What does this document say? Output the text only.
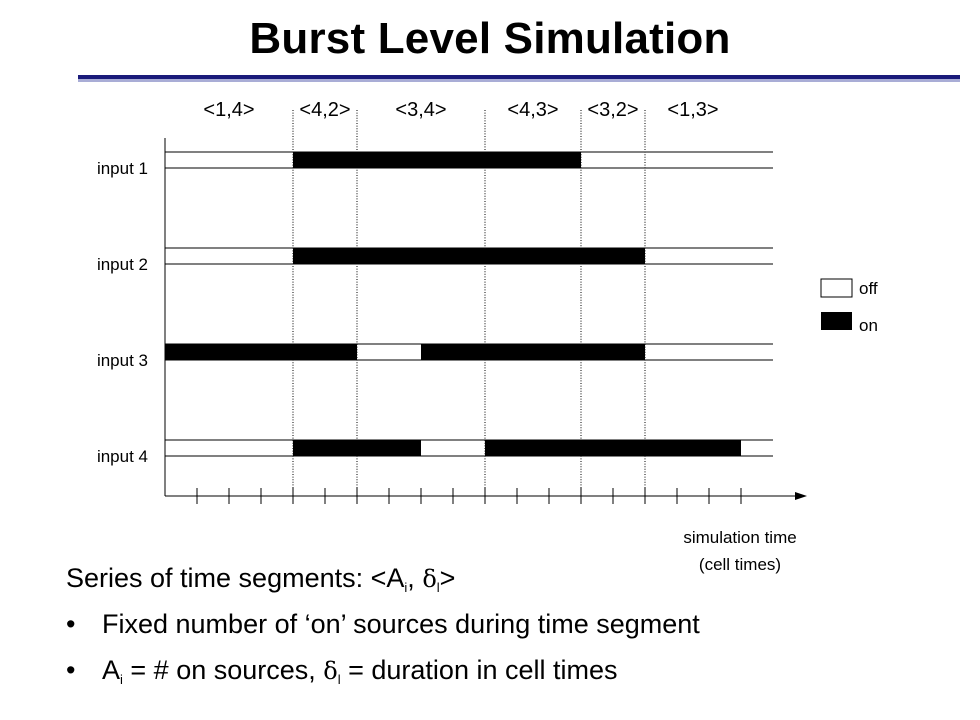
Burst Level Simulation
<1,4> <4,2> <3,4>	<4,3> <3,2> <1,3>
input 1
input 2
input 3
input 4
simulation time
(cell times)
off
on
Series of time segments: $<A_i$, $\delta_l>$
• Fixed number of ‘on’ sources during time segment
• $A_i$ = # on sources, $\delta_l$ = duration in cell times
